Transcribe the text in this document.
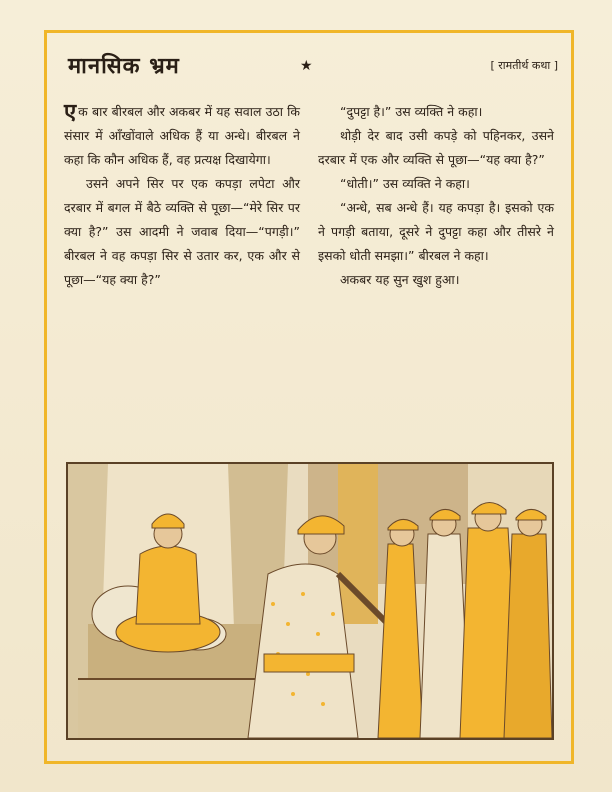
मानसिक भ्रम	★	[ रामतीर्थ कथा ]

एक बार बीरबल और अकबर में यह सवाल उठा कि संसार में आँखोंवाले अधिक हैं या अन्धे। बीरबल ने कहा कि कौन अधिक हैं, वह प्रत्यक्ष दिखायेगा।

उसने अपने सिर पर एक कपड़ा लपेटा और दरबार में बगल में बैठे व्यक्ति से पूछा—“मेरे सिर पर क्या है?” उस आदमी ने जवाब दिया—“पगड़ी।” बीरबल ने वह कपड़ा सिर से उतार कर, एक और से पूछा—“यह क्या है?”

“दुपट्टा है।” उस व्यक्ति ने कहा।

थोड़ी देर बाद उसी कपड़े को पहिनकर, उसने दरबार में एक और व्यक्ति से पूछा—“यह क्या है?”

“धोती।” उस व्यक्ति ने कहा।

“अन्धे, सब अन्धे हैं। यह कपड़ा है। इसको एक ने पगड़ी बताया, दूसरे ने दुपट्टा कहा और तीसरे ने इसको धोती समझा।” बीरबल ने कहा।

अकबर यह सुन खुश हुआ।
